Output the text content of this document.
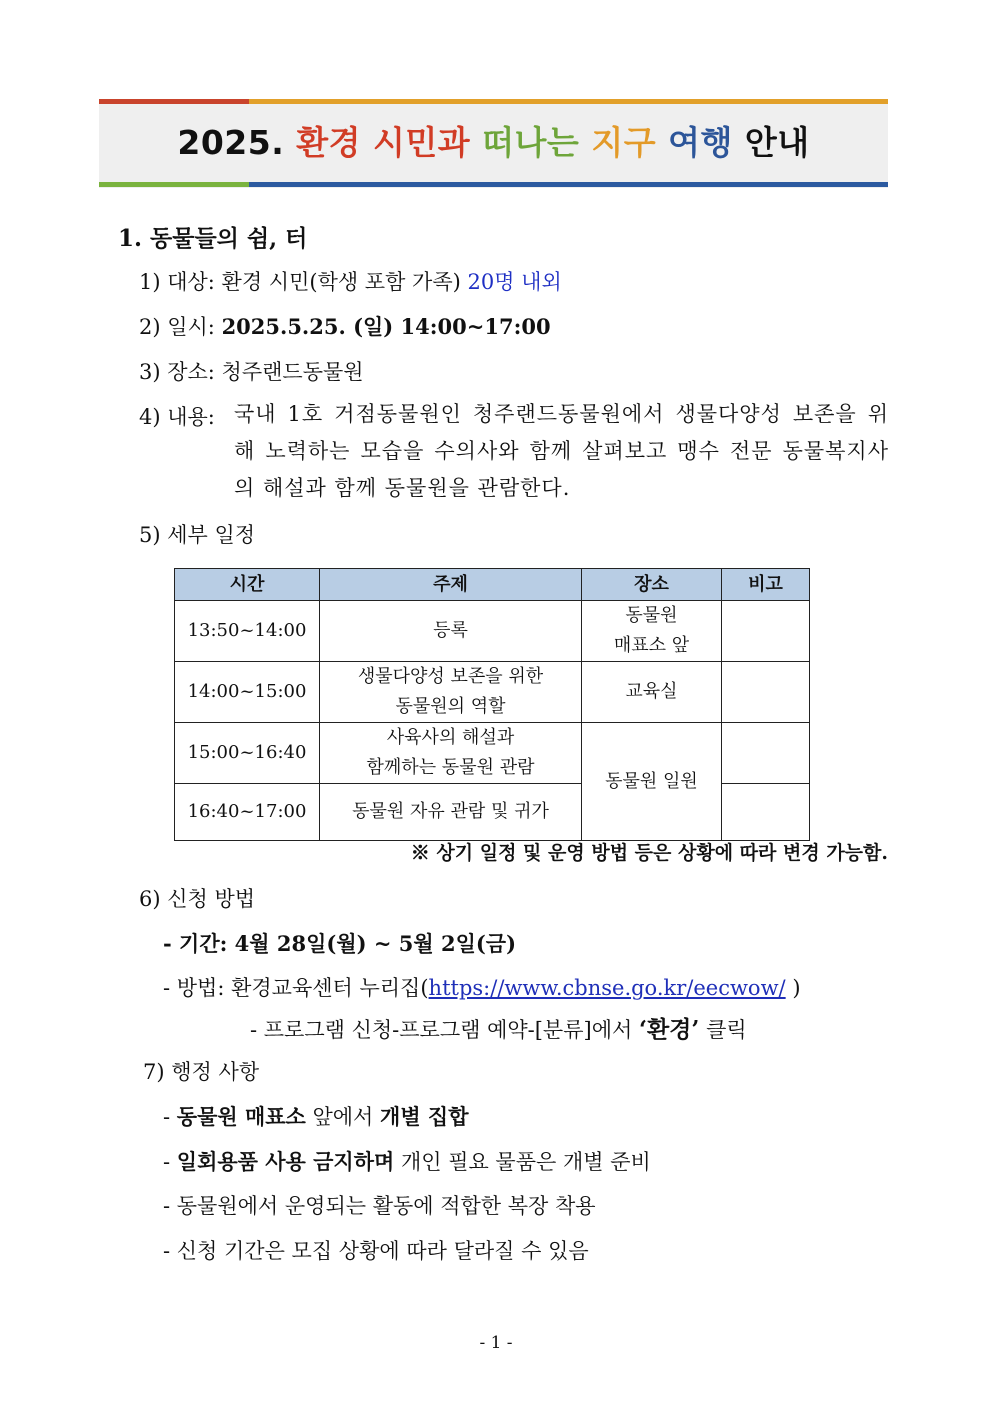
2025. 환경 시민과 떠나는 지구 여행 안내
1. 동물들의 쉼, 터
1) 대상: 환경 시민(학생 포함 가족) 20명 내외
2) 일시: 2025.5.25. (일) 14:00~17:00
3) 장소: 청주랜드동물원
4) 내용: 국내 1호 거점동물원인 청주랜드동물원에서 생물다양성 보존을 위해 노력하는 모습을 수의사와 함께 살펴보고 맹수 전문 동물복지사의 해설과 함께 동물원을 관람한다.
5) 세부 일정
시간	주제	장소	비고
13:50~14:00	등록	동물원
매표소 앞	
14:00~15:00	생물다양성 보존을 위한
동물원의 역할	교육실	
15:00~16:40	사육사의 해설과
함께하는 동물원 관람	동물원 일원	
16:40~17:00	동물원 자유 관람 및 귀가		
※ 상기 일정 및 운영 방법 등은 상황에 따라 변경 가능함.
6) 신청 방법
- 기간: 4월 28일(월) ~ 5월 2일(금)
- 방법: 환경교육센터 누리집(https://www.cbnse.go.kr/eecwow/ )
- 프로그램 신청-프로그램 예약-[분류]에서 ‘환경’ 클릭
7) 행정 사항
- 동물원 매표소 앞에서 개별 집합
- 일회용품 사용 금지하며 개인 필요 물품은 개별 준비
- 동물원에서 운영되는 활동에 적합한 복장 착용
- 신청 기간은 모집 상황에 따라 달라질 수 있음
- 1 -
